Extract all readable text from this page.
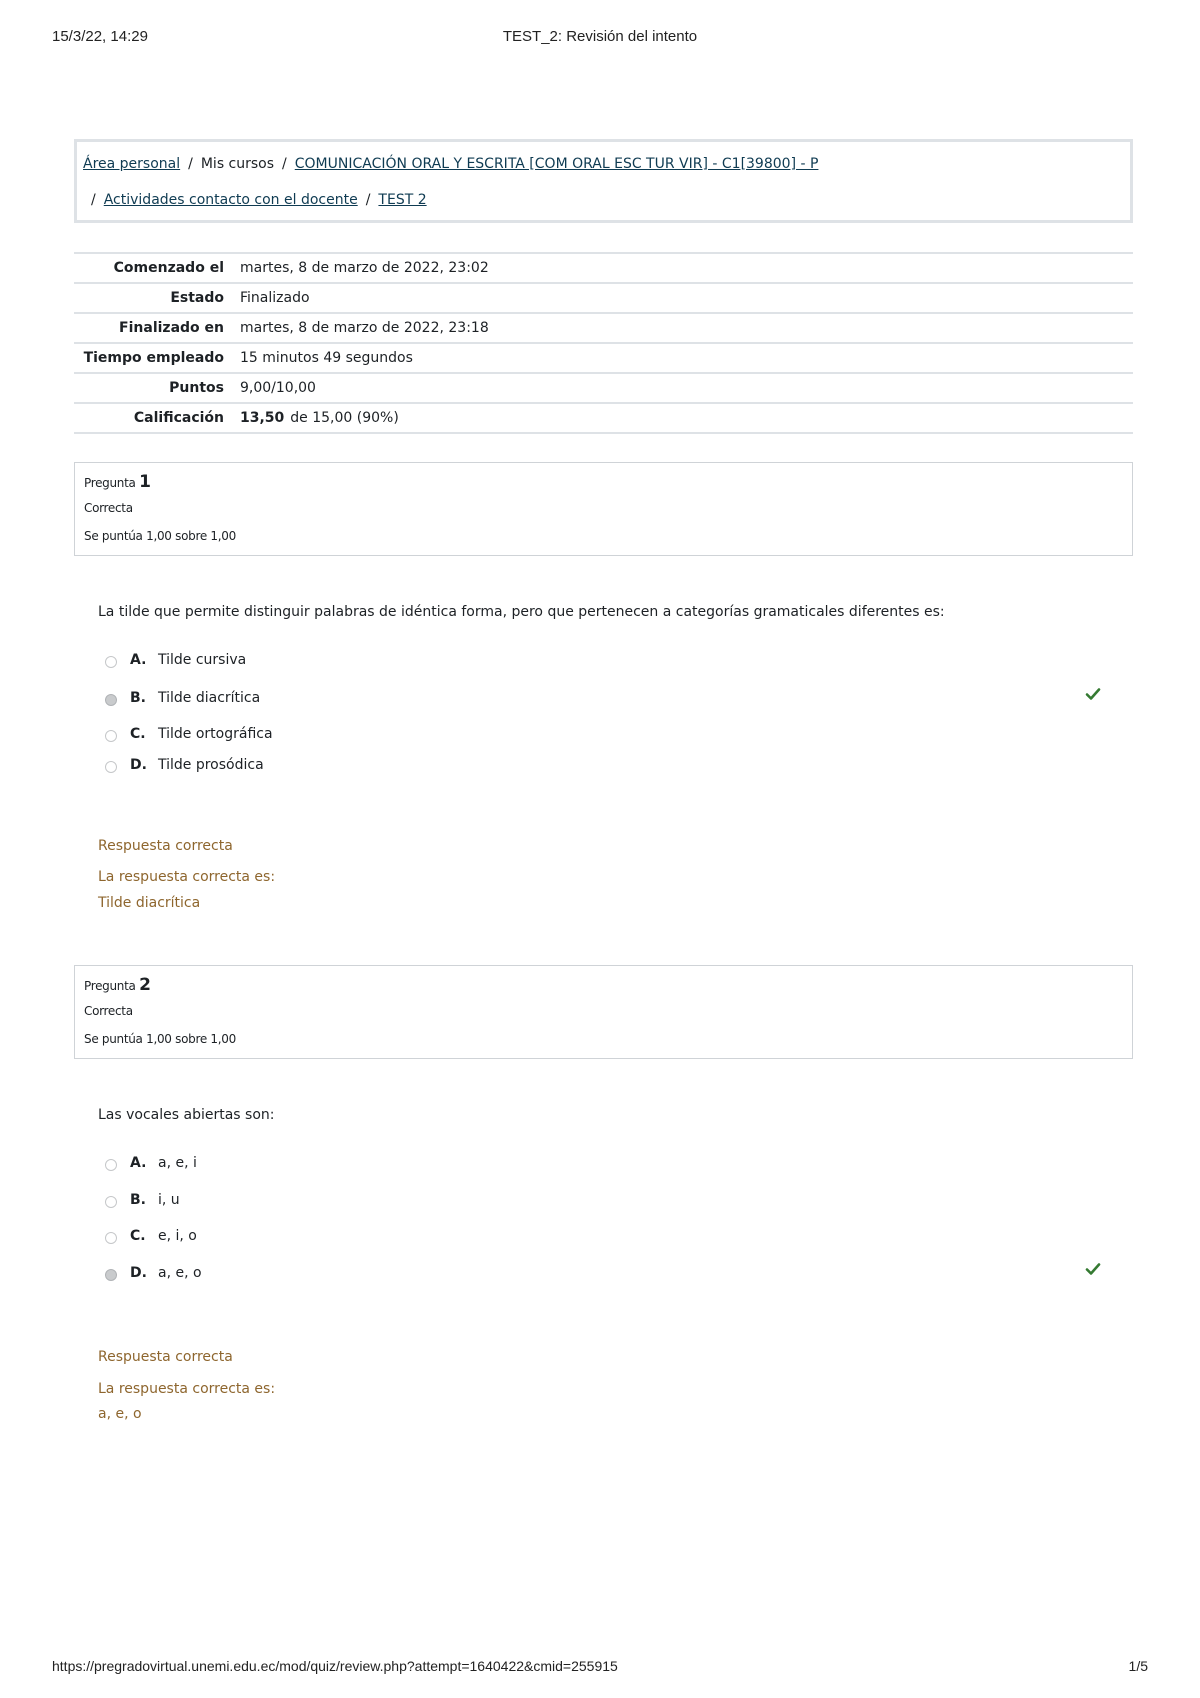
15/3/22, 14:29	TEST_2: Revisión del intento
Área personal / Mis cursos / COMUNICACIÓN ORAL Y ESCRITA [COM ORAL ESC TUR VIR] - C1[39800] - P
/ Actividades contacto con el docente / TEST 2
Comenzado el	martes, 8 de marzo de 2022, 23:02
Estado	Finalizado
Finalizado en	martes, 8 de marzo de 2022, 23:18
Tiempo empleado	15 minutos 49 segundos
Puntos	9,00/10,00
Calificación	13,50 de 15,00 (90%)
Pregunta 1
Correcta
Se puntúa 1,00 sobre 1,00
La tilde que permite distinguir palabras de idéntica forma, pero que pertenecen a categorías gramaticales diferentes es:
A. Tilde cursiva
B. Tilde diacrítica
C. Tilde ortográfica
D. Tilde prosódica
Respuesta correcta
La respuesta correcta es:
Tilde diacrítica
Pregunta 2
Correcta
Se puntúa 1,00 sobre 1,00
Las vocales abiertas son:
A. a, e, i
B. i, u
C. e, i, o
D. a, e, o
Respuesta correcta
La respuesta correcta es:
a, e, o
https://pregradovirtual.unemi.edu.ec/mod/quiz/review.php?attempt=1640422&cmid=255915	1/5
